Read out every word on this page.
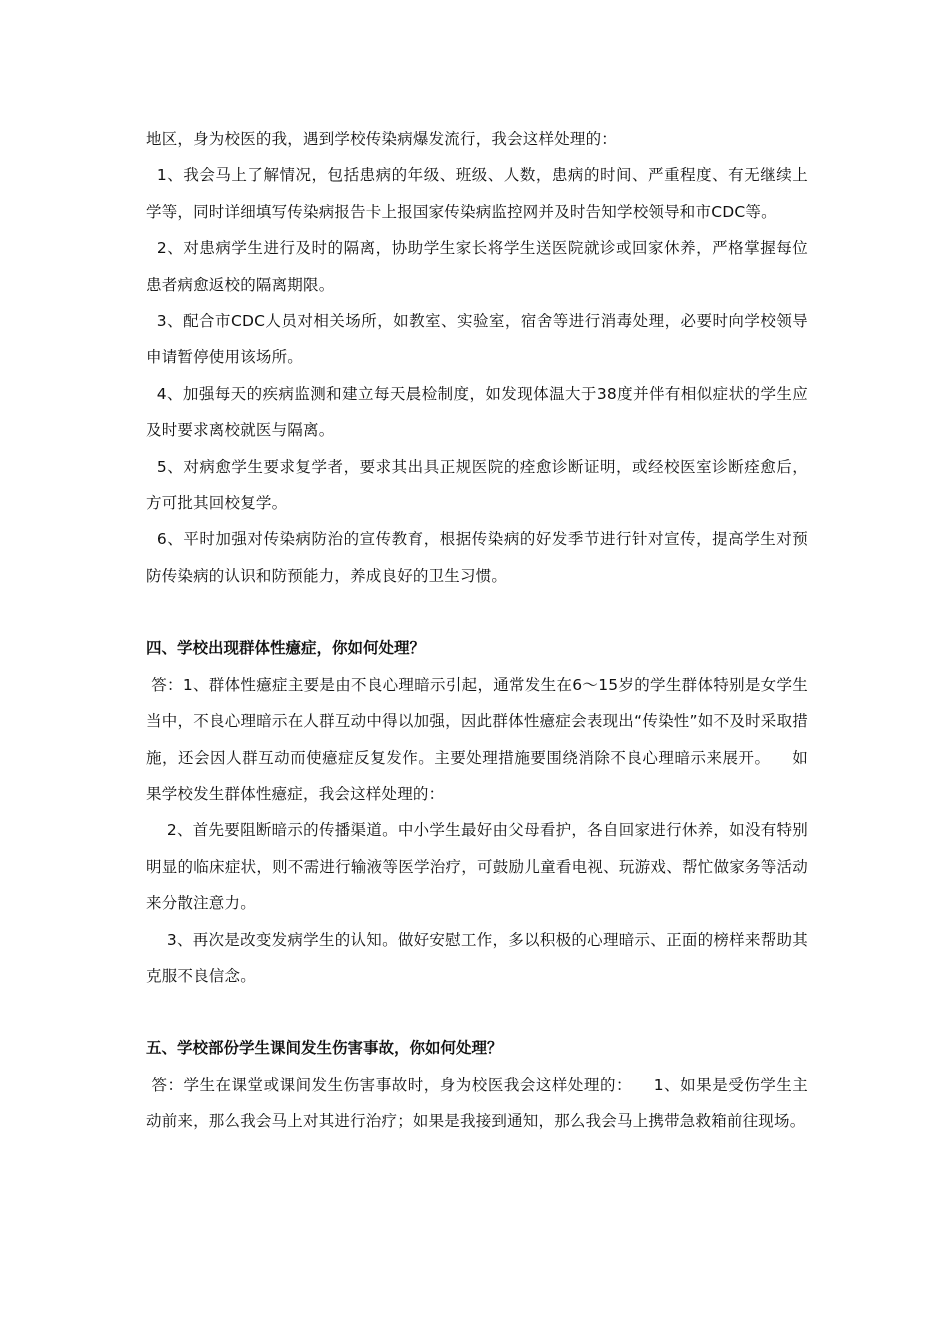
地区，身为校医的我，遇到学校传染病爆发流行，我会这样处理的：

1、我会马上了解情况，包括患病的年级、班级、人数，患病的时间、严重程度、有无继续上学等，同时详细填写传染病报告卡上报国家传染病监控网并及时告知学校领导和市CDC等。

2、对患病学生进行及时的隔离，协助学生家长将学生送医院就诊或回家休养，严格掌握每位患者病愈返校的隔离期限。

3、配合市CDC人员对相关场所，如教室、实验室，宿舍等进行消毒处理，必要时向学校领导申请暂停使用该场所。

4、加强每天的疾病监测和建立每天晨检制度，如发现体温大于38度并伴有相似症状的学生应及时要求离校就医与隔离。

5、对病愈学生要求复学者，要求其出具正规医院的痊愈诊断证明，或经校医室诊断痊愈后，方可批其回校复学。

6、平时加强对传染病防治的宣传教育，根据传染病的好发季节进行针对宣传，提高学生对预防传染病的认识和防预能力，养成良好的卫生习惯。

四、学校出现群体性癔症，你如何处理？

答：1、群体性癔症主要是由不良心理暗示引起，通常发生在6～15岁的学生群体特别是女学生当中，不良心理暗示在人群互动中得以加强，因此群体性癔症会表现出“传染性”如不及时采取措施，还会因人群互动而使癔症反复发作。主要处理措施要围绕消除不良心理暗示来展开。    如果学校发生群体性癔症，我会这样处理的：

2、首先要阻断暗示的传播渠道。中小学生最好由父母看护，各自回家进行休养，如没有特别明显的临床症状，则不需进行输液等医学治疗，可鼓励儿童看电视、玩游戏、帮忙做家务等活动来分散注意力。

3、再次是改变发病学生的认知。做好安慰工作，多以积极的心理暗示、正面的榜样来帮助其克服不良信念。

五、学校部份学生课间发生伤害事故，你如何处理？

答：学生在课堂或课间发生伤害事故时，身为校医我会这样处理的：    1、如果是受伤学生主动前来，那么我会马上对其进行治疗；如果是我接到通知，那么我会马上携带急救箱前往现场。
